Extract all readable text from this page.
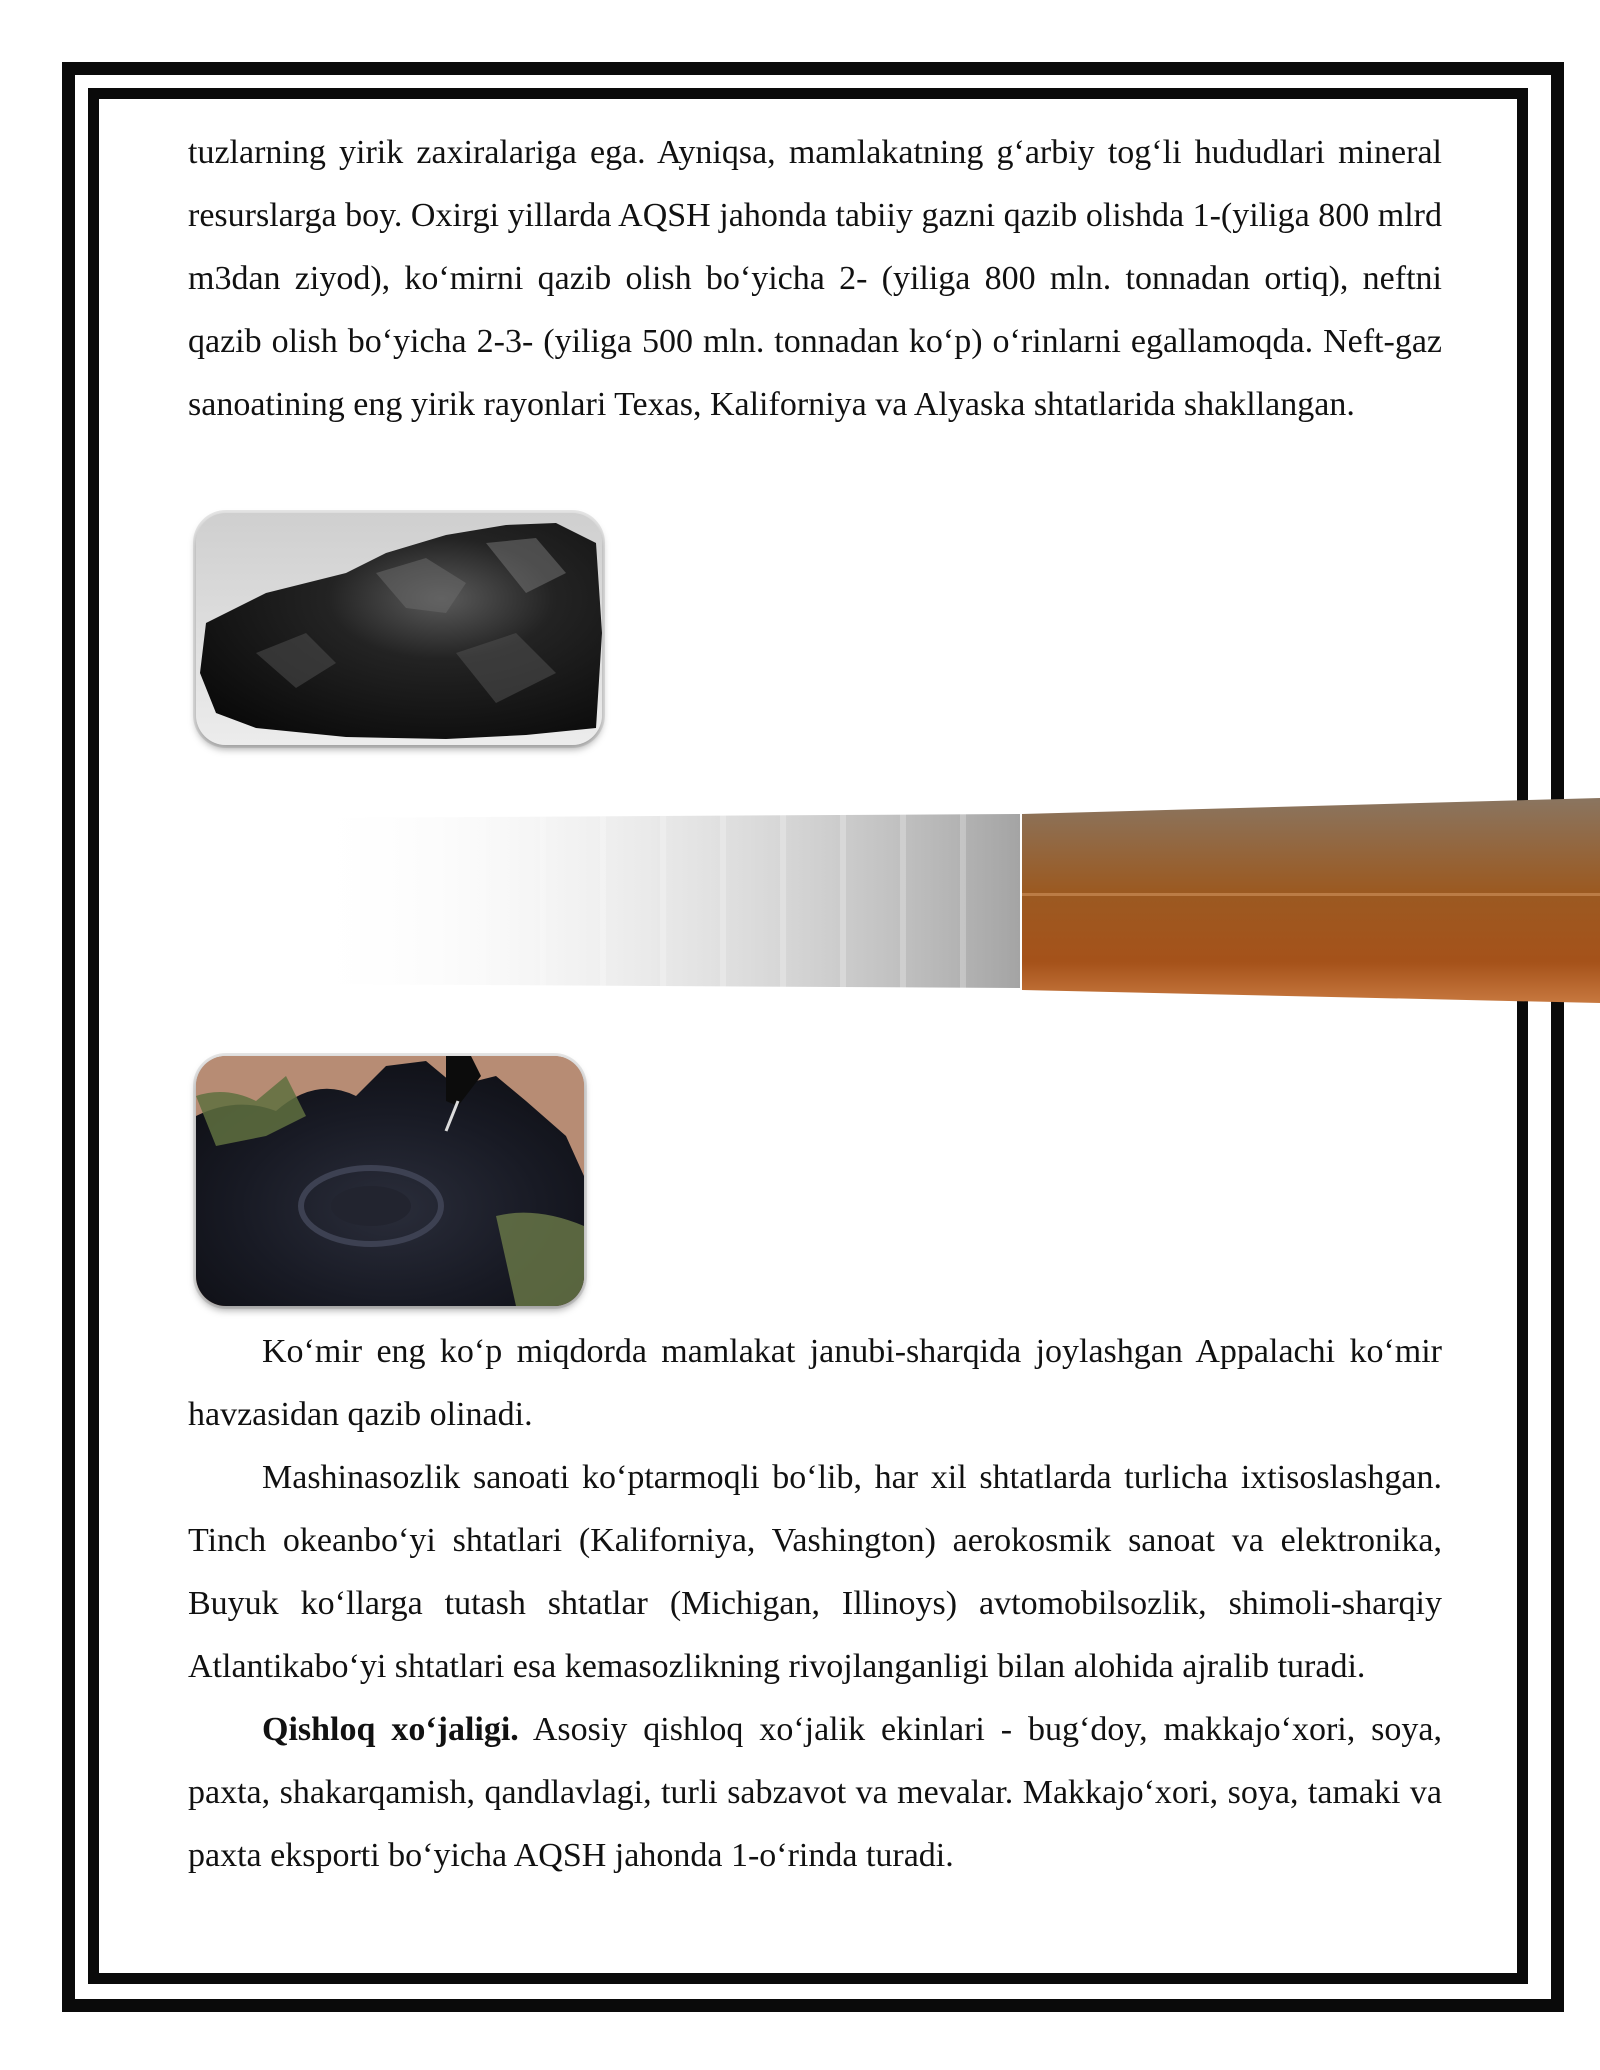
tuzlarning yirik zaxiralariga ega. Ayniqsa, mamlakatning g‘arbiy tog‘li hududlari mineral resurslarga boy. Oxirgi yillarda AQSH jahonda tabiiy gazni qazib olishda 1-(yiliga 800 mlrd m3dan ziyod), ko‘mirni qazib olish bo‘yicha 2- (yiliga 800 mln. tonnadan ortiq), neftni qazib olish bo‘yicha 2-3- (yiliga 500 mln. tonnadan ko‘p) o‘rinlarni egallamoqda. Neft-gaz sanoatining eng yirik rayonlari Texas, Kaliforniya va Alyaska shtatlarida shakllangan.

Ko‘mir eng ko‘p miqdorda mamlakat janubi-sharqida joylashgan Appalachi ko‘mir havzasidan qazib olinadi.

Mashinasozlik sanoati ko‘ptarmoqli bo‘lib, har xil shtatlarda turlicha ixtisoslashgan. Tinch okeanbo‘yi shtatlari (Kaliforniya, Vashington) aerokosmik sanoat va elektronika, Buyuk ko‘llarga tutash shtatlar (Michigan, Illinoys) avtomobilsozlik, shimoli-sharqiy Atlantikabo‘yi shtatlari esa kemasozlikning rivojlanganligi bilan alohida ajralib turadi.

Qishloq xo‘jaligi. Asosiy qishloq xo‘jalik ekinlari - bug‘doy, makkajo‘xori, soya, paxta, shakarqamish, qandlavlagi, turli sabzavot va mevalar. Makkajo‘xori, soya, tamaki va paxta eksporti bo‘yicha AQSH jahonda 1-o‘rinda turadi.
